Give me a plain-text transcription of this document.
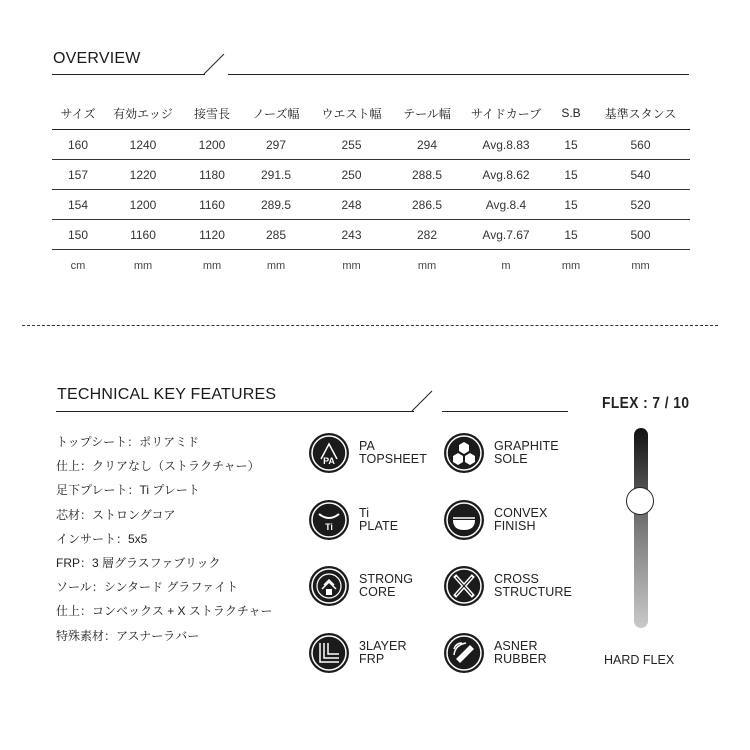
OVERVIEW
サイズ	有効エッジ	接雪長	ノーズ幅	ウエスト幅	テール幅	サイドカーブ	S.B	基準スタンス
160	1240	1200	297	255	294	Avg.8.83	15	560
157	1220	1180	291.5	250	288.5	Avg.8.62	15	540
154	1200	1160	289.5	248	286.5	Avg.8.4	15	520
150	1160	1120	285	243	282	Avg.7.67	15	500
cm	mm	mm	mm	mm	mm	m	mm	mm
TECHNICAL KEY FEATURES
トップシート：ポリアミド
仕上：クリアなし（ストラクチャー）
足下プレート：Ti プレート
芯材：ストロングコア
インサート：5x5
FRP：3 層グラスファブリック
ソール：シンタード グラファイト
仕上：コンベックス + X ストラクチャー
特殊素材：アスナーラバー
PA
PA
TOPSHEET
GRAPHITE
SOLE
Ti
Ti
PLATE
CONVEX
FINISH
STRONG
CORE
CROSS
STRUCTURE
3LAYER
FRP
ASNER
RUBBER
FLEX : 7 / 10
HARD FLEX
